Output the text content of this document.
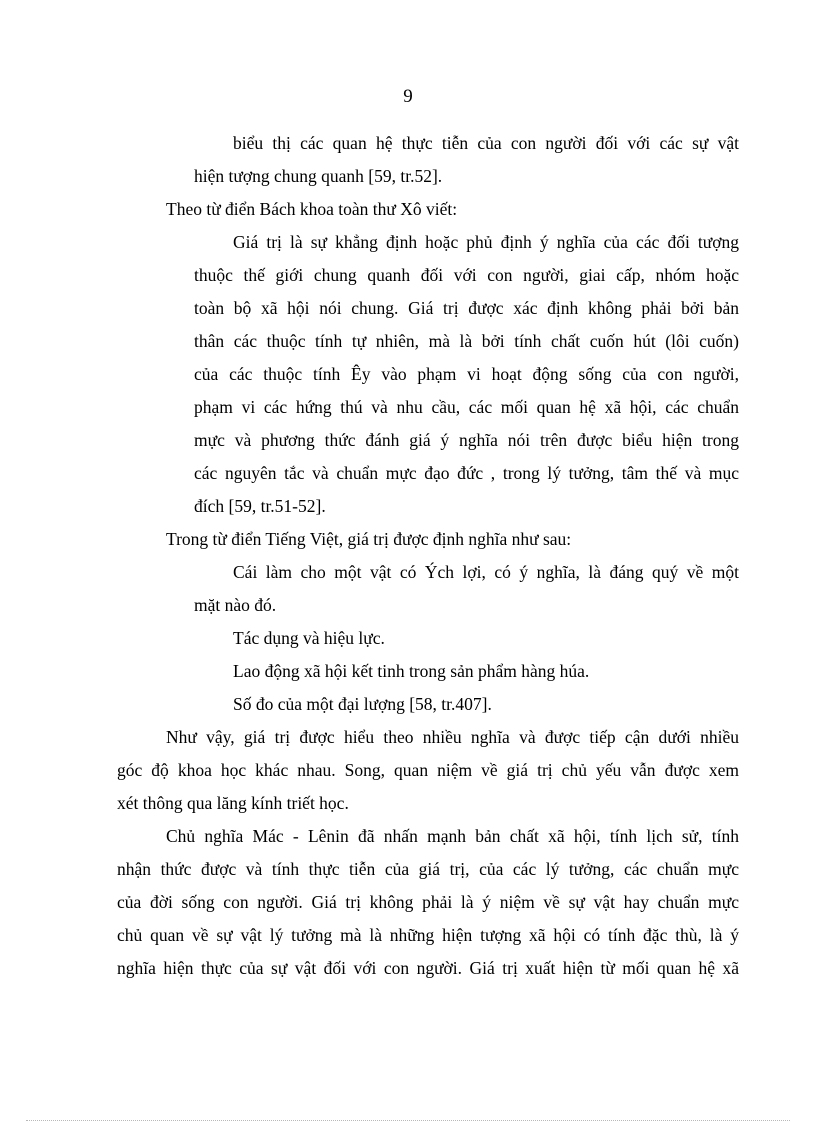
9
biểu thị các quan hệ thực tiễn của con người đối với các sự vật
hiện tượng chung quanh [59, tr.52].
Theo từ điển Bách khoa toàn thư Xô viết:
Giá trị là sự khẳng định hoặc phủ định ý nghĩa của các đối tượng
thuộc thế giới chung quanh đối với con người, giai cấp, nhóm hoặc
toàn bộ xã hội nói chung. Giá trị được xác định không phải bởi bản
thân các thuộc tính tự nhiên, mà là bởi tính chất cuốn hút (lôi cuốn)
của các thuộc tính Êy vào phạm vi hoạt động sống của con người,
phạm vi các hứng thú và nhu cầu, các mối quan hệ xã hội, các chuẩn
mực và phương thức đánh giá ý nghĩa nói trên được biểu hiện trong
các nguyên tắc và chuẩn mực đạo đức , trong lý tưởng, tâm thế và mục
đích [59, tr.51-52].
Trong từ điển Tiếng Việt, giá trị được định nghĩa như sau:
Cái làm cho một vật có Ých lợi, có ý nghĩa, là đáng quý về một
mặt nào đó.
Tác dụng và hiệu lực.
Lao động xã hội kết tinh trong sản phẩm hàng húa.
Số đo của một đại lượng [58, tr.407].
Như vậy, giá trị được hiểu theo nhiều nghĩa và được tiếp cận dưới nhiều
góc độ khoa học khác nhau. Song, quan niệm về giá trị chủ yếu vẫn được xem
xét thông qua lăng kính triết học.
Chủ nghĩa Mác - Lênin đã nhấn mạnh bản chất xã hội, tính lịch sử, tính
nhận thức được và tính thực tiễn của giá trị, của các lý tưởng, các chuẩn mực
của đời sống con người. Giá trị không phải là ý niệm về sự vật hay chuẩn mực
chủ quan về sự vật lý tưởng mà là những hiện tượng xã hội có tính đặc thù, là ý
nghĩa hiện thực của sự vật đối với con người. Giá trị xuất hiện từ mối quan hệ xã
